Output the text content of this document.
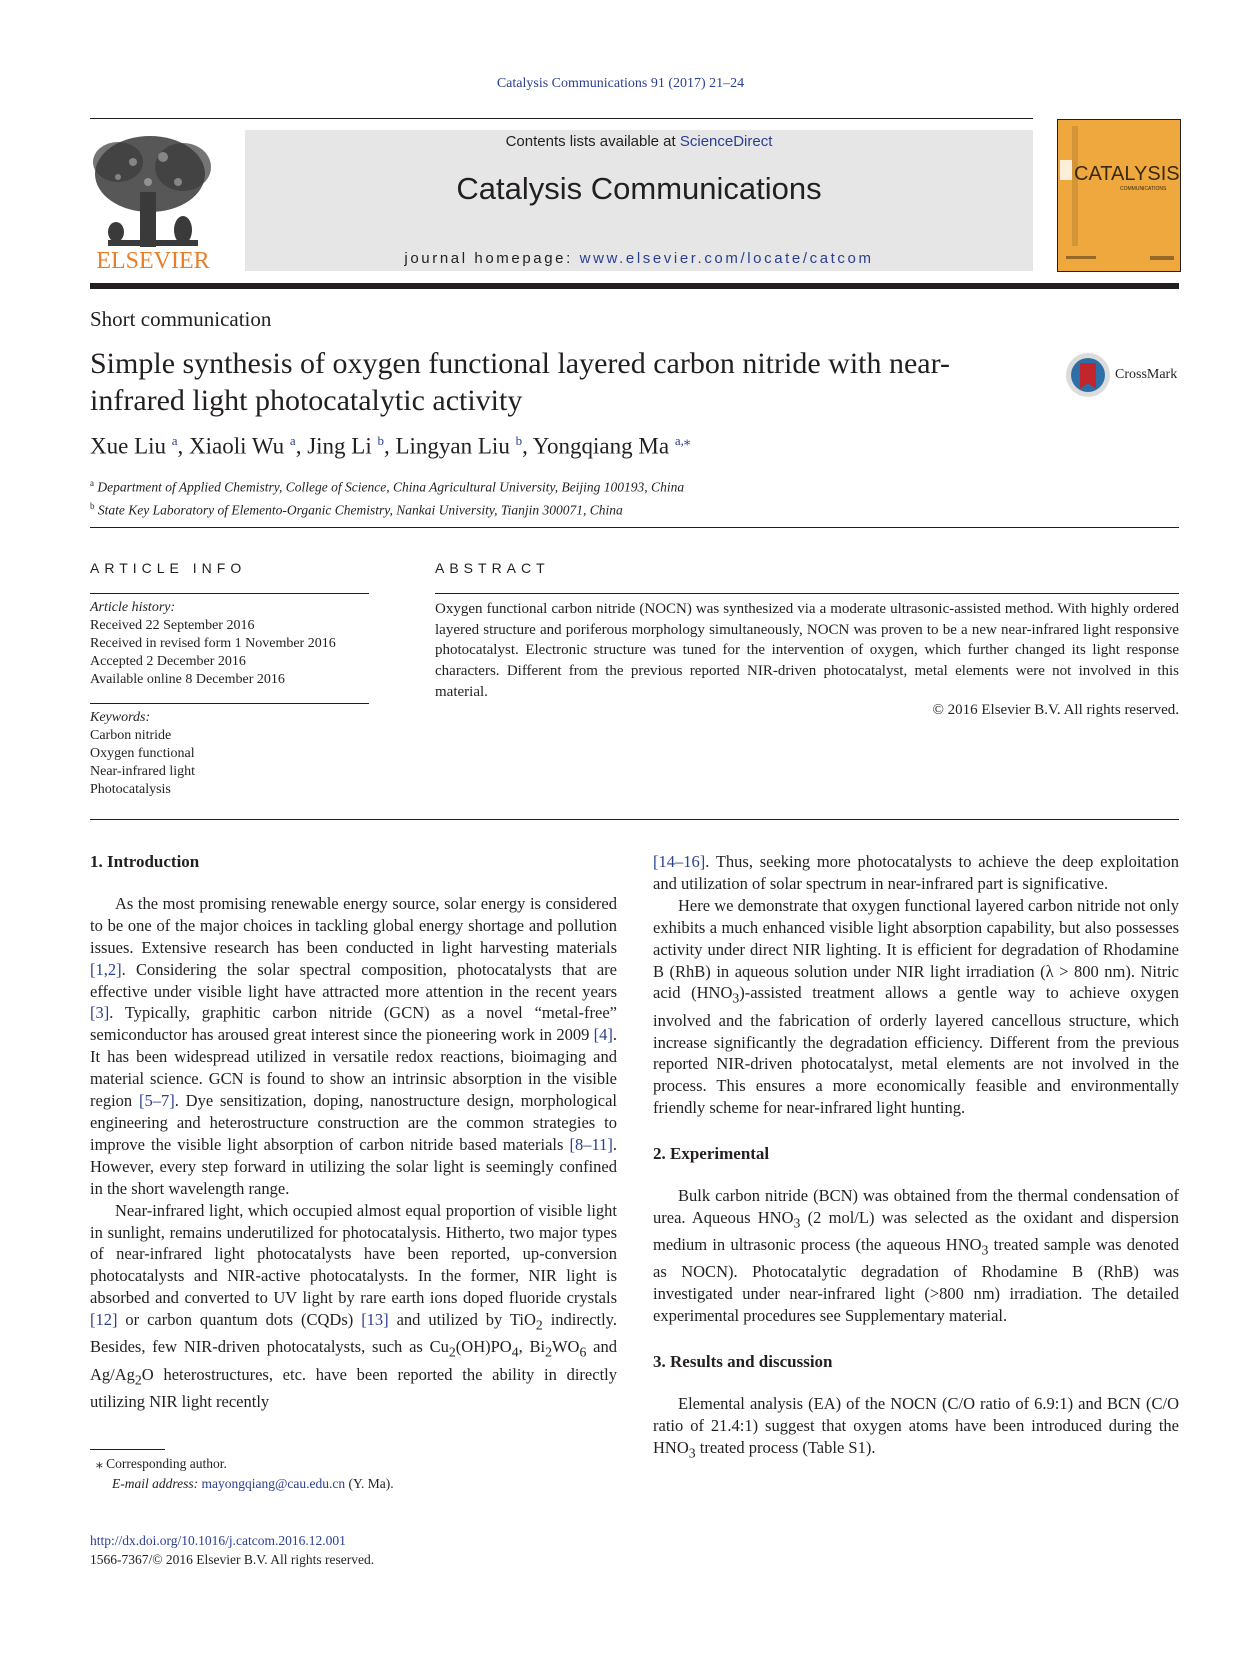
Catalysis Communications 91 (2017) 21–24
ELSEVIER
Contents lists available at ScienceDirect
Catalysis Communications
journal homepage: www.elsevier.com/locate/catcom
CATALYSIS
COMMUNICATIONS
Short communication
Simple synthesis of oxygen functional layered carbon nitride with near-infrared light photocatalytic activity
CrossMark
Xue Liu $^a$, Xiaoli Wu $^a$, Jing Li $^b$, Lingyan Liu $^b$, Yongqiang Ma $^{a,⁎}$
$^a$ Department of Applied Chemistry, College of Science, China Agricultural University, Beijing 100193, China
$^b$ State Key Laboratory of Elemento-Organic Chemistry, Nankai University, Tianjin 300071, China
ARTICLE INFO	ABSTRACT
Article history:
Received 22 September 2016
Received in revised form 1 November 2016
Accepted 2 December 2016
Available online 8 December 2016
Keywords:
Carbon nitride
Oxygen functional
Near-infrared light
Photocatalysis
Oxygen functional carbon nitride (NOCN) was synthesized via a moderate ultrasonic-assisted method. With highly ordered layered structure and poriferous morphology simultaneously, NOCN was proven to be a new near-infrared light responsive photocatalyst. Electronic structure was tuned for the intervention of oxygen, which further changed its light response characters. Different from the previous reported NIR-driven photocatalyst, metal elements were not involved in this material.
© 2016 Elsevier B.V. All rights reserved.

1. Introduction

As the most promising renewable energy source, solar energy is considered to be one of the major choices in tackling global energy shortage and pollution issues. Extensive research has been conducted in light harvesting materials [1,2]. Considering the solar spectral composition, photocatalysts that are effective under visible light have attracted more attention in the recent years [3]. Typically, graphitic carbon nitride (GCN) as a novel “metal-free” semiconductor has aroused great interest since the pioneering work in 2009 [4]. It has been widespread utilized in versatile redox reactions, bioimaging and material science. GCN is found to show an intrinsic absorption in the visible region [5–7]. Dye sensitization, doping, nanostructure design, morphological engineering and heterostructure construction are the common strategies to improve the visible light absorption of carbon nitride based materials [8–11]. However, every step forward in utilizing the solar light is seemingly confined in the short wavelength range.

Near-infrared light, which occupied almost equal proportion of visible light in sunlight, remains underutilized for photocatalysis. Hitherto, two major types of near-infrared light photocatalysts have been reported, up-conversion photocatalysts and NIR-active photocatalysts. In the former, NIR light is absorbed and converted to UV light by rare earth ions doped fluoride crystals [12] or carbon quantum dots (CQDs) [13] and utilized by TiO$_2$ indirectly. Besides, few NIR-driven photocatalysts, such as $Cu_2(OH)PO_4$, $Bi_2WO_6$ and $Ag/Ag_2O$ heterostructures, etc. have been reported the ability in directly utilizing NIR light recently

[14–16]. Thus, seeking more photocatalysts to achieve the deep exploitation and utilization of solar spectrum in near-infrared part is significative.

Here we demonstrate that oxygen functional layered carbon nitride not only exhibits a much enhanced visible light absorption capability, but also possesses activity under direct NIR lighting. It is efficient for degradation of Rhodamine B (RhB) in aqueous solution under NIR light irradiation (λ > 800 nm). Nitric acid $(HNO_3)$-assisted treatment allows a gentle way to achieve oxygen involved and the fabrication of orderly layered cancellous structure, which increase significantly the degradation efficiency. Different from the previous reported NIR-driven photocatalyst, metal elements are not involved in the process. This ensures a more economically feasible and environmentally friendly scheme for near-infrared light hunting.

2. Experimental

Bulk carbon nitride (BCN) was obtained from the thermal condensation of urea. Aqueous $HNO_3$ (2 mol/L) was selected as the oxidant and dispersion medium in ultrasonic process (the aqueous $HNO_3$ treated sample was denoted as NOCN). Photocatalytic degradation of Rhodamine B (RhB) was investigated under near-infrared light (>800 nm) irradiation. The detailed experimental procedures see Supplementary material.

3. Results and discussion

Elemental analysis (EA) of the NOCN (C/O ratio of 6.9:1) and BCN (C/O ratio of 21.4:1) suggest that oxygen atoms have been introduced during the $HNO_3$ treated process (Table S1).

⁎ Corresponding author.
E-mail address: mayongqiang@cau.edu.cn (Y. Ma).
http://dx.doi.org/10.1016/j.catcom.2016.12.001
1566-7367/© 2016 Elsevier B.V. All rights reserved.
